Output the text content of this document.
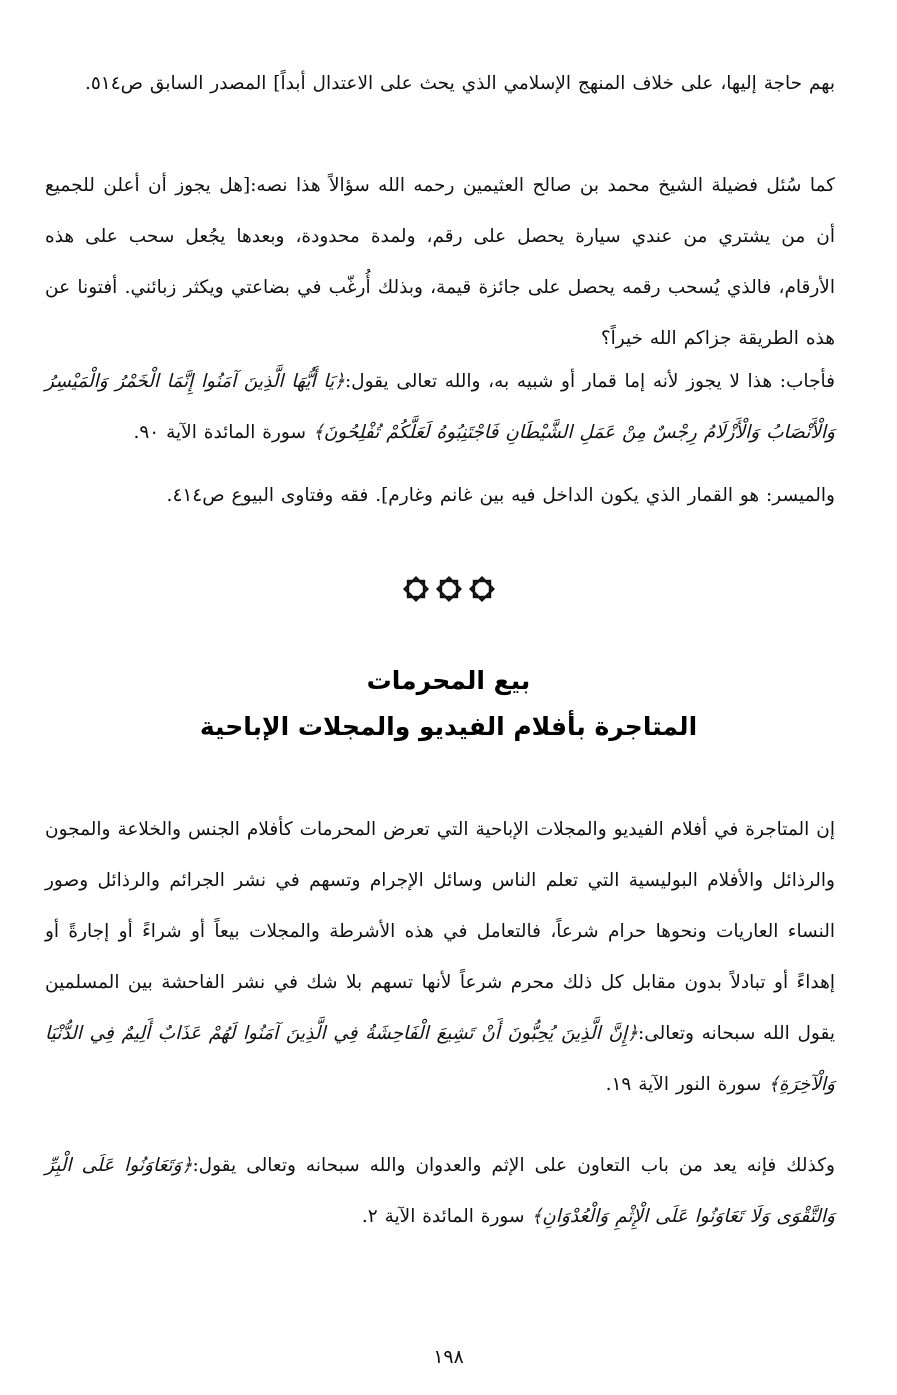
بهم حاجة إليها، على خلاف المنهج الإسلامي الذي يحث على الاعتدال أبداً] المصدر السابق ص٥١٤.

كما سُئل فضيلة الشيخ محمد بن صالح العثيمين رحمه الله سؤالاً هذا نصه:[هل يجوز أن أعلن للجميع أن من يشتري من عندي سيارة يحصل على رقم، ولمدة محدودة، وبعدها يجُعل سحب على هذه الأرقام، فالذي يُسحب رقمه يحصل على جائزة قيمة، وبذلك أُرغّب في بضاعتي ويكثر زبائني. أفتونا عن هذه الطريقة جزاكم الله خيراً؟

فأجاب: هذا لا يجوز لأنه إما قمار أو شبيه به، والله تعالى يقول:﴿يَا أَيُّهَا الَّذِينَ آمَنُوا إِنَّمَا الْخَمْرُ وَالْمَيْسِرُ وَالْأَنْصَابُ وَالْأَزْلَامُ رِجْسٌ مِنْ عَمَلِ الشَّيْطَانِ فَاجْتَنِبُوهُ لَعَلَّكُمْ تُفْلِحُونَ﴾ سورة المائدة الآية ٩٠.

والميسر: هو القمار الذي يكون الداخل فيه بين غانم وغارم]. فقه وفتاوى البيوع ص٤١٤.

بيع المحرمات
المتاجرة بأفلام الفيديو والمجلات الإباحية

إن المتاجرة في أفلام الفيديو والمجلات الإباحية التي تعرض المحرمات كأفلام الجنس والخلاعة والمجون والرذائل والأفلام البوليسية التي تعلم الناس وسائل الإجرام وتسهم في نشر الجرائم والرذائل وصور النساء العاريات ونحوها حرام شرعاً، فالتعامل في هذه الأشرطة والمجلات بيعاً أو شراءً أو إجارةً أو إهداءً أو تبادلاً بدون مقابل كل ذلك محرم شرعاً لأنها تسهم بلا شك في نشر الفاحشة بين المسلمين يقول الله سبحانه وتعالى:﴿إِنَّ الَّذِينَ يُحِبُّونَ أَنْ تَشِيعَ الْفَاحِشَةُ فِي الَّذِينَ آمَنُوا لَهُمْ عَذَابٌ أَلِيمٌ فِي الدُّنْيَا وَالْآخِرَةِ﴾ سورة النور الآية ١٩.

وكذلك فإنه يعد من باب التعاون على الإثم والعدوان والله سبحانه وتعالى يقول:﴿وَتَعَاوَنُوا عَلَى الْبِرِّ وَالتَّقْوَى وَلَا تَعَاوَنُوا عَلَى الْإِثْمِ وَالْعُدْوَانِ﴾ سورة المائدة الآية ٢.

١٩٨
